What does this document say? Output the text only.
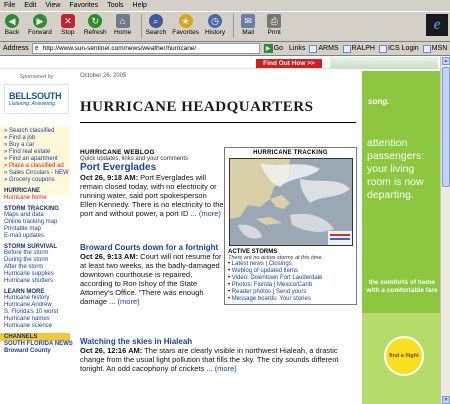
File Edit View Favorites Tools Help
◀
Back
▶
Forward
✕
Stop
↻
Refresh
⌂
Home
⌕
Search
★
Favorites
◷
History
✉
Mail
⎙
Print	e
Address
e	http://www.sun-sentinel.com/news/weather/hurricane/	▶ Go Links ARMS RALPH ICS Login MSN
Find Out How >>
Sponsored by
BELLSOUTH
Listening. Answering.
» Search classified
» Find a job
» Buy a car
» Find real estate
» Find an apartment
» Place a classified ad
» Sales Circulars - NEW
» Grocery coupons
HURRICANE
Hurricane home
STORM TRACKING
Maps and data
Online tracking map
Printable map
E-mail updates
STORM SURVIVAL
Before the storm
During the storm
After the storm
Hurricane supplies
Hurricane shutters
LEARN MORE
Hurricane history
Hurricane Andrew
S. Florida's 10 worst
Hurricane names
Hurricane science
CHANNELS
SOUTH FLORIDA NEWS
Broward County
October 26, 2005
HURRICANE HEADQUARTERS
HURRICANE WEBLOG
Quick updates, links and your comments
Port Everglades
Oct 26, 9:18 AM: Port Everglades will remain closed today, with no electricity or running water, said port spokesperson Ellen Kennedy. There is no electricity to the port and without power, a port ID ... (more)
HURRICANE TRACKING
ACTIVE STORMS
There are no active storms at this time.
• Latest news | Closings
• Weblog of updated items
• Video: Downtown Fort Lauderdale
• Photos: Florida | Mexico/Carib
• Reader photos | Send yours
• Message boards: Your stories
Broward Courts down for a fortnight
Oct 26, 9:13 AM: Court will not resume for at least two weeks, as the badly-damaged downtown courthouse is repaired, according to Ron Ishoy of the State Attorney's Office. "There was enough damage ... (more)
Watching the skies in Hialeah
Oct 26, 12:16 AM: The stars are clearly visible in northwest Hialeah, a drastic change from the usual light pollution that fills the sky. The city sounds different tonight. An odd cacophony of crickets ... (more)
song.
attention passengers: your living room is now departing.
the comforts of home with a comfortable fare
find a flight
▲
▼
